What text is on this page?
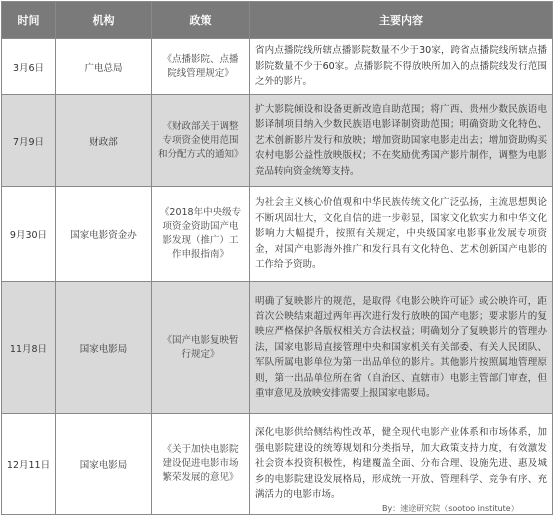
时间	机构	政策	主要内容
3月6日	广电总局	《点播影院、点播院线管理规定》	省内点播院线所辖点播影院数量不少于30家，跨省点播院线所辖点播影院数量不少于60家。点播影院不得放映所加入的点播院线发行范围之外的影片。
7月9日	财政部	《财政部关于调整专项资金使用范围和分配方式的通知》	扩大影院倾设和设备更新改造自助范围；将广西、贵州少数民族语电影译制项目纳入少数民族语电影译制资助范围；明确资助文化特色、艺术创新影片发行和放映；增加资助国家电影走出去；增加资助购买农村电影公益性放映版权；不在奖励优秀国产影片制作，调整为电影竞品转向资金统筹支持。
9月30日	国家电影资金办	《2018年中央级专项资金资助国产电影发现（推广）工作申报指南》	为社会主义核心价值观和中华民族传统文化广泛弘扬，主流思想舆论不断巩固壮大，文化自信的进一步彰显，国家文化软实力和中华文化影响力大幅提升，按照有关规定，中央级国家电影事业发展专项资金，对国产电影海外推广和发行具有文化特色、艺术创新国产电影的工作给予资助。
11月8日	国家电影局	《国产电影复映暂行规定》	明确了复映影片的规范，是取得《电影公映许可证》或公映许可，距首次公映结束超过两年再次进行发行放映的国产电影；要求影片的复映应严格保护各版权相关方合法权益；明确划分了复映影片的管理办法，国家电影局直接管理中央和国家机关有关部委、有关人民团队、军队所属电影单位为第一出品单位的影片。其他影片按照属地管理原则，第一出品单位所在省（自治区、直辖市）电影主管部门审查，但重审意见及放映安排需要上报国家电影局。
12月11日	国家电影局	《关于加快电影院建设促进电影市场繁荣发展的意见》	深化电影供给侧结构性改革，健全现代电影产业体系和市场体系，加强电影院建设的统筹规划和分类指导，加大政策支持力度，有效激发社会资本投资积极性，构建覆盖全面、分布合理、设施先进、惠及城乡的电影院建设发展格局，形成统一开放、管理科学、竞争有序、充满活力的电影市场。
By：速途研究院（sootoo institute）
